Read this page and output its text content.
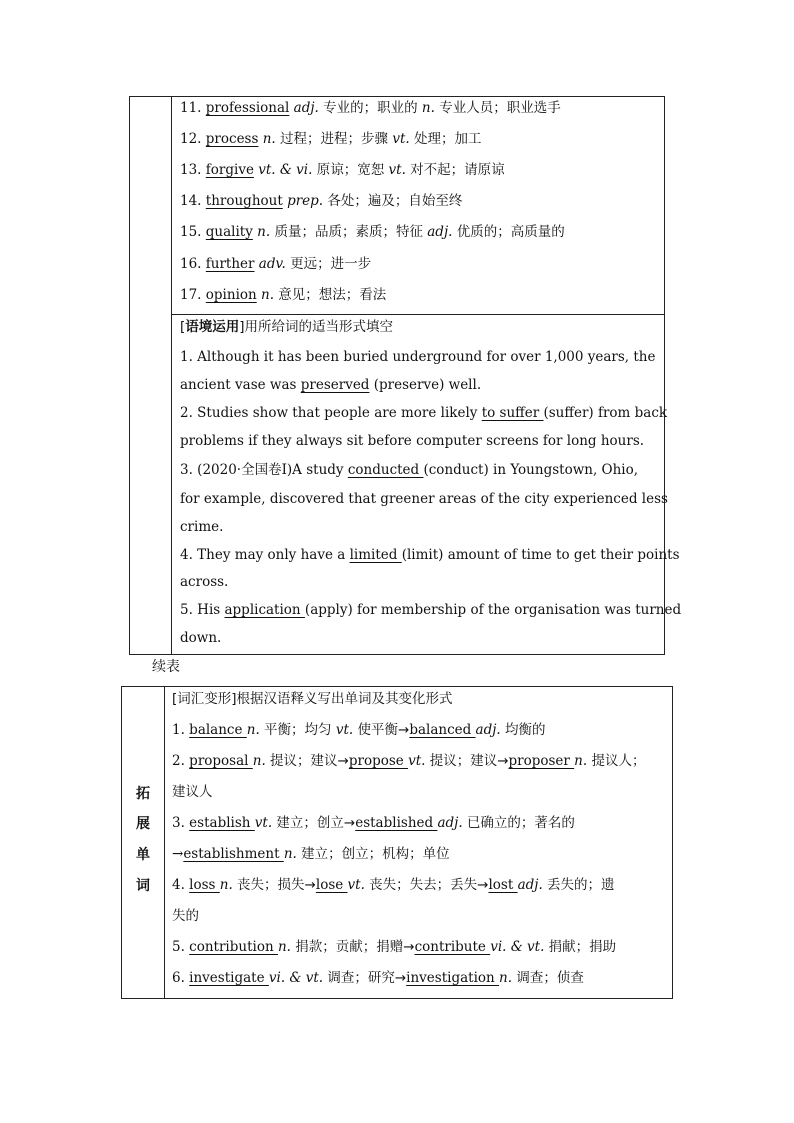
11. professional adj. 专业的；职业的 n. 专业人员；职业选手
12. process n. 过程；进程；步骤 vt. 处理；加工
13. forgive vt. & vi. 原谅；宽恕 vt. 对不起；请原谅
14. throughout prep. 各处；遍及；自始至终
15. quality n. 质量；品质；素质；特征 adj. 优质的；高质量的
16. further adv. 更远；进一步
17. opinion n. 意见；想法；看法
[语境运用]用所给词的适当形式填空
1. Although it has been buried underground for over 1,000 years, the
ancient vase was preserved (preserve) well.
2. Studies show that people are more likely to suffer (suffer) from back
problems if they always sit before computer screens for long hours.
3. (2020·全国卷Ⅰ)A study conducted (conduct) in Youngstown, Ohio,
for example, discovered that greener areas of the city experienced less
crime.
4. They may only have a limited (limit) amount of time to get their points
across.
5. His application (apply) for membership of the organisation was turned
down.
续表
拓
展
单
词
[词汇变形]根据汉语释义写出单词及其变化形式
1. balance n. 平衡；均匀 vt. 使平衡→balanced adj. 均衡的
2. proposal n. 提议；建议→propose vt. 提议；建议→proposer n. 提议人；
建议人
3. establish vt. 建立；创立→established adj. 已确立的；著名的
→establishment n. 建立；创立；机构；单位
4. loss n. 丧失；损失→lose vt. 丧失；失去；丢失→lost adj. 丢失的；遗
失的
5. contribution n. 捐款；贡献；捐赠→contribute vi. & vt. 捐献；捐助
6. investigate vi. & vt. 调查；研究→investigation n. 调查；侦查
